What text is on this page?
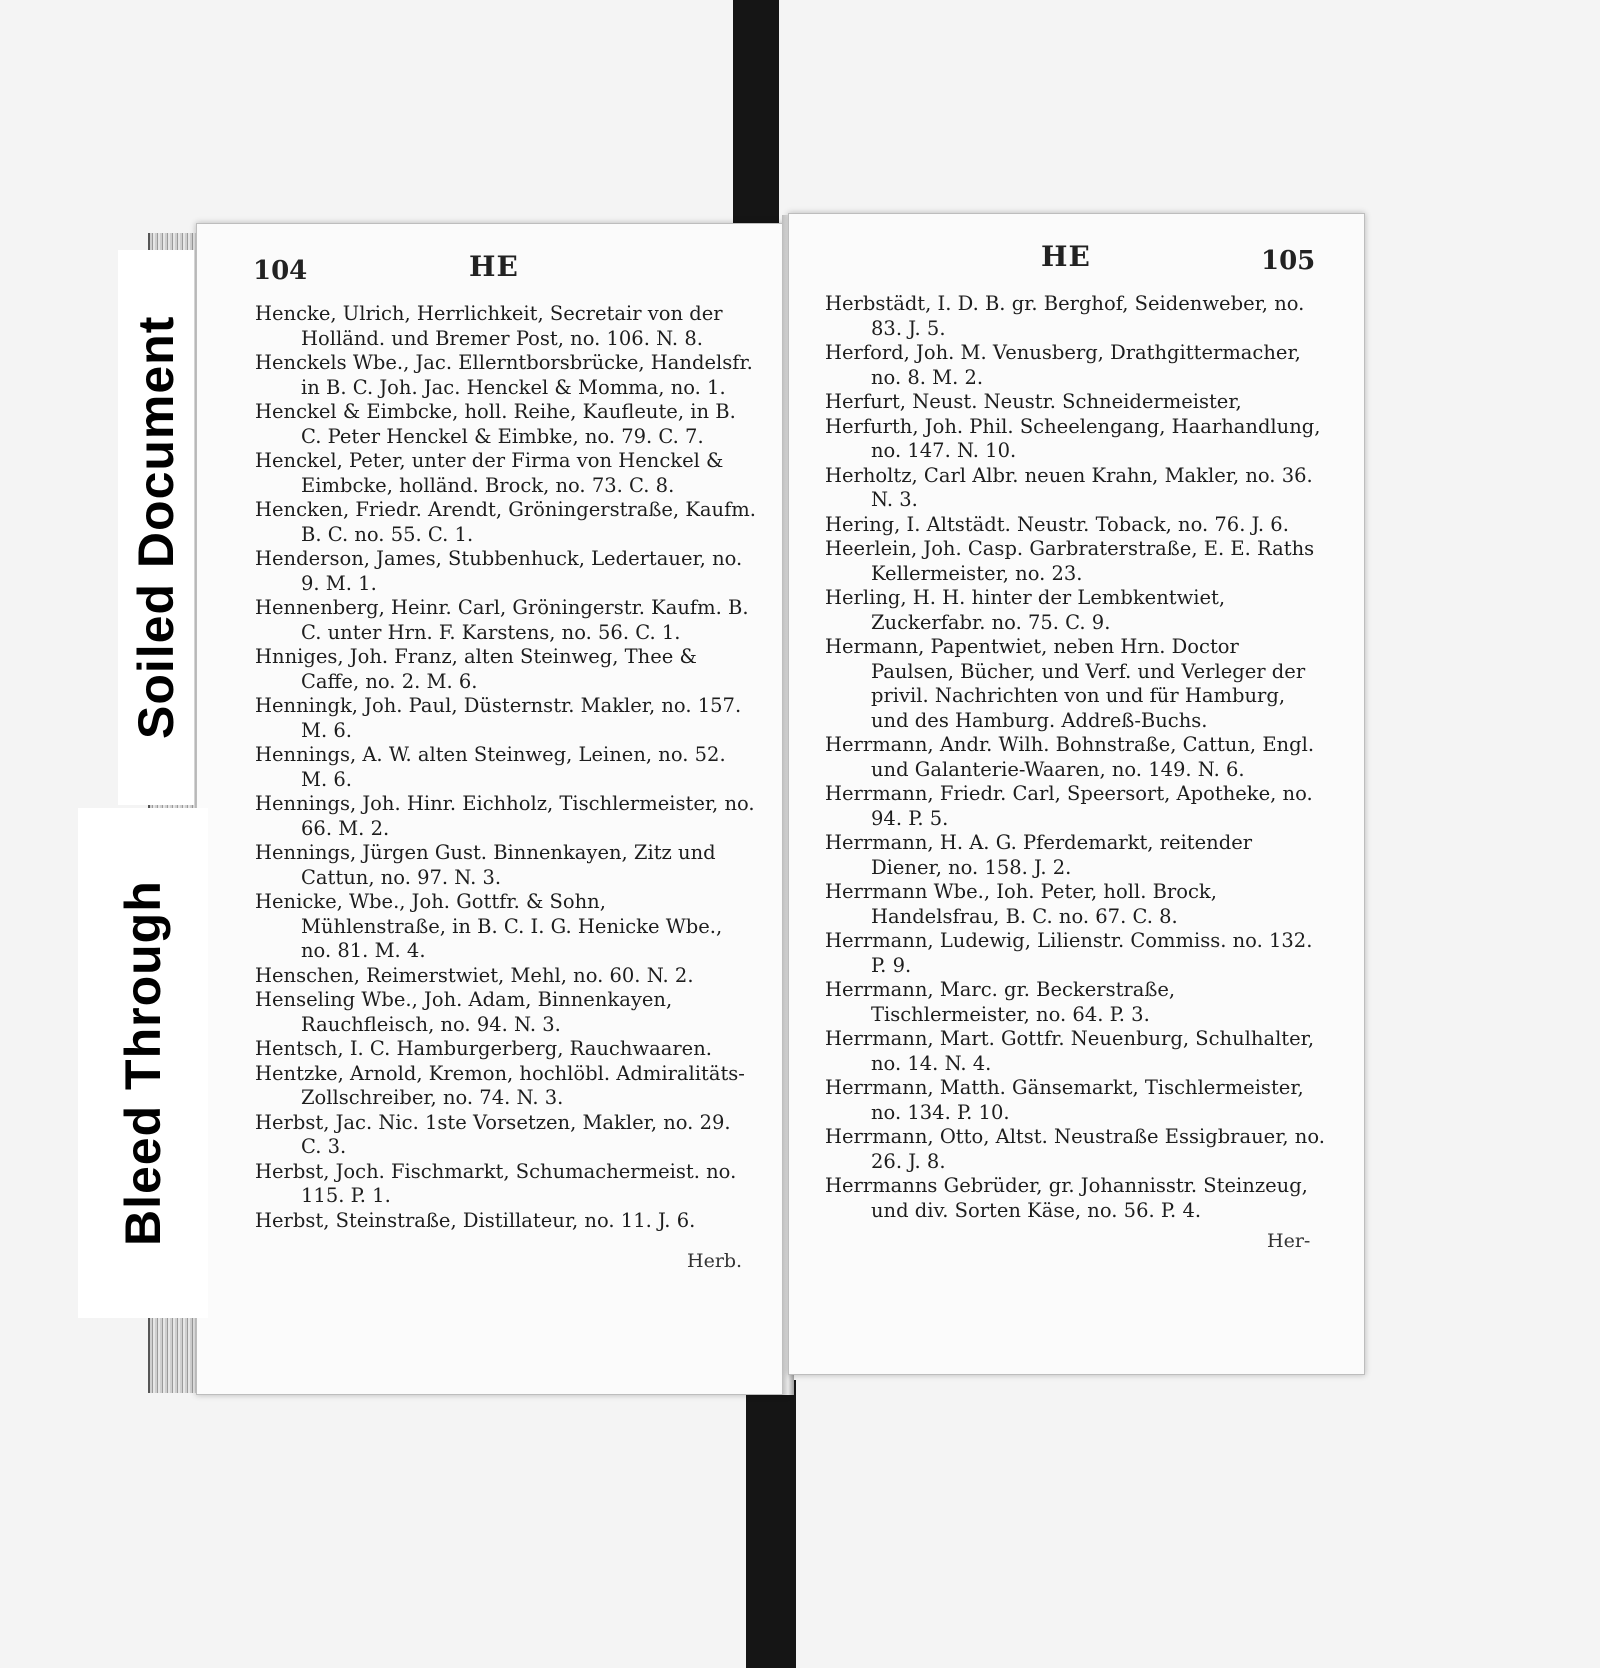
104	HE
Hencke, Ulrich, Herrlichkeit, Secretair von der Holländ. und Bremer Post, no. 106. N. 8.
Henckels Wbe., Jac. Ellerntborsbrücke, Handelsfr. in B. C. Joh. Jac. Henckel & Momma, no. 1.
Henckel & Eimbcke, holl. Reihe, Kaufleute, in B. C. Peter Henckel & Eimbke, no. 79. C. 7.
Henckel, Peter, unter der Firma von Henckel & Eimbcke, holländ. Brock, no. 73. C. 8.
Hencken, Friedr. Arendt, Gröningerstraße, Kaufm. B. C. no. 55. C. 1.
Henderson, James, Stubbenhuck, Ledertauer, no. 9. M. 1.
Hennenberg, Heinr. Carl, Gröningerstr. Kaufm. B. C. unter Hrn. F. Karstens, no. 56. C. 1.
Hnniges, Joh. Franz, alten Steinweg, Thee & Caffe, no. 2. M. 6.
Henningk, Joh. Paul, Düsternstr. Makler, no. 157. M. 6.
Hennings, A. W. alten Steinweg, Leinen, no. 52. M. 6.
Hennings, Joh. Hinr. Eichholz, Tischlermeister, no. 66. M. 2.
Hennings, Jürgen Gust. Binnenkayen, Zitz und Cattun, no. 97. N. 3.
Henicke, Wbe., Joh. Gottfr. & Sohn, Mühlenstraße, in B. C. I. G. Henicke Wbe., no. 81. M. 4.
Henschen, Reimerstwiet, Mehl, no. 60. N. 2.
Henseling Wbe., Joh. Adam, Binnenkayen, Rauchfleisch, no. 94. N. 3.
Hentsch, I. C. Hamburgerberg, Rauchwaaren.
Hentzke, Arnold, Kremon, hochlöbl. Admiralitäts-Zollschreiber, no. 74. N. 3.
Herbst, Jac. Nic. 1ste Vorsetzen, Makler, no. 29. C. 3.
Herbst, Joch. Fischmarkt, Schumachermeist. no. 115. P. 1.
Herbst, Steinstraße, Distillateur, no. 11. J. 6.
Herb.
HE	105
Herbstädt, I. D. B. gr. Berghof, Seidenweber, no. 83. J. 5.
Herford, Joh. M. Venusberg, Drathgittermacher, no. 8. M. 2.
Herfurt, Neust. Neustr. Schneidermeister,
Herfurth, Joh. Phil. Scheelengang, Haarhandlung, no. 147. N. 10.
Herholtz, Carl Albr. neuen Krahn, Makler, no. 36. N. 3.
Hering, I. Altstädt. Neustr. Toback, no. 76. J. 6.
Heerlein, Joh. Casp. Garbraterstraße, E. E. Raths Kellermeister, no. 23.
Herling, H. H. hinter der Lembkentwiet, Zuckerfabr. no. 75. C. 9.
Hermann, Papentwiet, neben Hrn. Doctor Paulsen, Bücher, und Verf. und Verleger der privil. Nachrichten von und für Hamburg, und des Hamburg. Addreß-Buchs.
Herrmann, Andr. Wilh. Bohnstraße, Cattun, Engl. und Galanterie-Waaren, no. 149. N. 6.
Herrmann, Friedr. Carl, Speersort, Apotheke, no. 94. P. 5.
Herrmann, H. A. G. Pferdemarkt, reitender Diener, no. 158. J. 2.
Herrmann Wbe., Ioh. Peter, holl. Brock, Handelsfrau, B. C. no. 67. C. 8.
Herrmann, Ludewig, Lilienstr. Commiss. no. 132. P. 9.
Herrmann, Marc. gr. Beckerstraße, Tischlermeister, no. 64. P. 3.
Herrmann, Mart. Gottfr. Neuenburg, Schulhalter, no. 14. N. 4.
Herrmann, Matth. Gänsemarkt, Tischlermeister, no. 134. P. 10.
Herrmann, Otto, Altst. Neustraße Essigbrauer, no. 26. J. 8.
Herrmanns Gebrüder, gr. Johannisstr. Steinzeug, und div. Sorten Käse, no. 56. P. 4.
Her-
Soiled Document
Bleed Through
